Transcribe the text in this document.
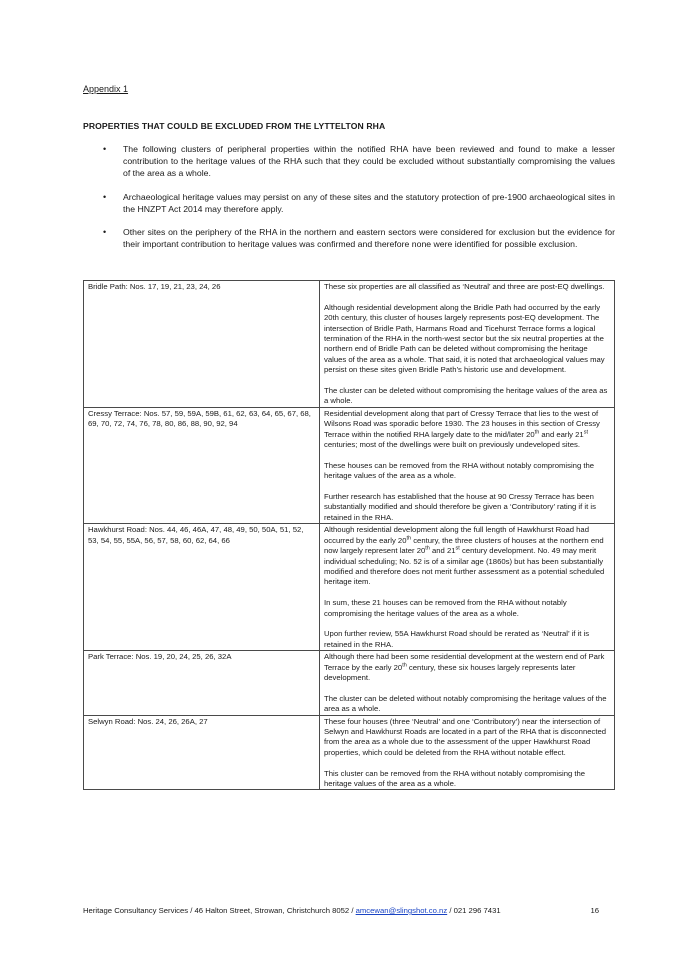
Appendix 1
PROPERTIES THAT COULD BE EXCLUDED FROM THE LYTTELTON RHA
• The following clusters of peripheral properties within the notified RHA have been reviewed and found to make a lesser contribution to the heritage values of the RHA such that they could be excluded without substantially compromising the values of the area as a whole.
• Archaeological heritage values may persist on any of these sites and the statutory protection of pre-1900 archaeological sites in the HNZPT Act 2014 may therefore apply.
• Other sites on the periphery of the RHA in the northern and eastern sectors were considered for exclusion but the evidence for their important contribution to heritage values was confirmed and therefore none were identified for possible exclusion.
Bridle Path: Nos. 17, 19, 21, 23, 24, 26	These six properties are all classified as ‘Neutral’ and three are post-EQ dwellings.

Although residential development along the Bridle Path had occurred by the early 20th century, this cluster of houses largely represents post-EQ development. The intersection of Bridle Path, Harmans Road and Ticehurst Terrace forms a logical termination of the RHA in the north-west sector but the six neutral properties at the northern end of Bridle Path can be deleted without compromising the heritage values of the area as a whole. That said, it is noted that archaeological values may persist on these sites given Bridle Path’s historic use and development.

The cluster can be deleted without compromising the heritage values of the area as a whole.

Cressy Terrace: Nos. 57, 59, 59A, 59B, 61, 62, 63, 64, 65, 67, 68, 69, 70, 72, 74, 76, 78, 80, 86, 88, 90, 92, 94	Residential development along that part of Cressy Terrace that lies to the west of Wilsons Road was sporadic before 1930. The 23 houses in this section of Cressy Terrace within the notified RHA largely date to the mid/later 20th and early 21st centuries; most of the dwellings were built on previously undeveloped sites.

These houses can be removed from the RHA without notably compromising the heritage values of the area as a whole.

Further research has established that the house at 90 Cressy Terrace has been substantially modified and should therefore be given a ‘Contributory’ rating if it is retained in the RHA.

Hawkhurst Road: Nos. 44, 46, 46A, 47, 48, 49, 50, 50A, 51, 52, 53, 54, 55, 55A, 56, 57, 58, 60, 62, 64, 66	Although residential development along the full length of Hawkhurst Road had occurred by the early 20th century, the three clusters of houses at the northern end now largely represent later 20th and 21st century development. No. 49 may merit individual scheduling; No. 52 is of a similar age (1860s) but has been substantially modified and therefore does not merit further assessment as a potential scheduled heritage item.

In sum, these 21 houses can be removed from the RHA without notably compromising the heritage values of the area as a whole.

Upon further review, 55A Hawkhurst Road should be rerated as ‘Neutral’ if it is retained in the RHA.

Park Terrace: Nos. 19, 20, 24, 25, 26, 32A	Although there had been some residential development at the western end of Park Terrace by the early 20th century, these six houses largely represents later development.

The cluster can be deleted without notably compromising the heritage values of the area as a whole.

Selwyn Road: Nos. 24, 26, 26A, 27	These four houses (three ‘Neutral’ and one ‘Contributory’) near the intersection of Selwyn and Hawkhurst Roads are located in a part of the RHA that is disconnected from the area as a whole due to the assessment of the upper Hawkhurst Road properties, which could be deleted from the RHA without notable effect.

This cluster can be removed from the RHA without notably compromising the heritage values of the area as a whole.

Heritage Consultancy Services / 46 Halton Street, Strowan, Christchurch 8052 / amcewan@slingshot.co.nz / 021 296 7431	16
